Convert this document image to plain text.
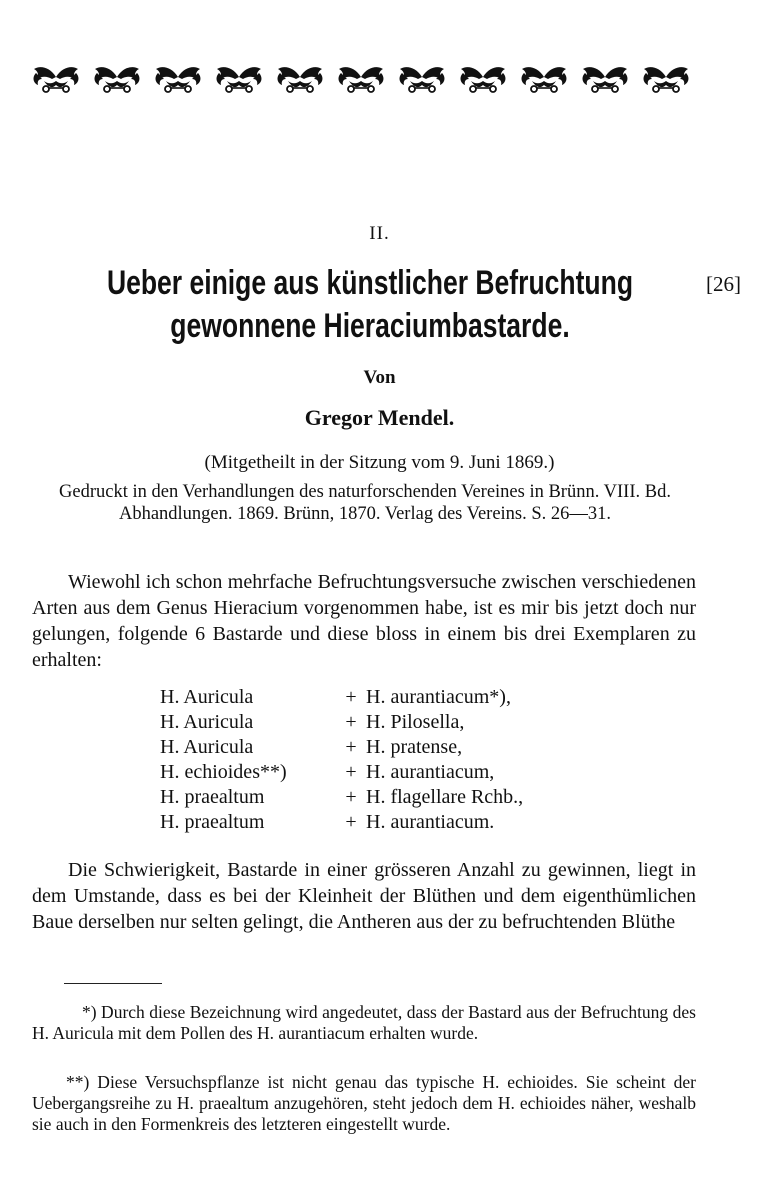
II.
Ueber einige aus künstlicher Befruchtung
gewonnene Hieraciumbastarde.
[26]
Von
Gregor Mendel.
(Mitgetheilt in der Sitzung vom 9. Juni 1869.)
Gedruckt in den Verhandlungen des naturforschenden Vereines in Brünn. VIII. Bd. Abhandlungen. 1869. Brünn, 1870. Verlag des Vereins. S. 26—31.
Wiewohl ich schon mehrfache Befruchtungsversuche zwischen verschiedenen Arten aus dem Genus Hieracium vorgenommen habe, ist es mir bis jetzt doch nur gelungen, folgende 6 Bastarde und diese bloss in einem bis drei Exemplaren zu erhalten:
H. Auricula	+ H. aurantiacum*),
H. Auricula	+ H. Pilosella,
H. Auricula	+ H. pratense,
H. echioides**)	+ H. aurantiacum,
H. praealtum	+ H. flagellare Rchb.,
H. praealtum	+ H. aurantiacum.
Die Schwierigkeit, Bastarde in einer grösseren Anzahl zu gewinnen, liegt in dem Umstande, dass es bei der Kleinheit der Blüthen und dem eigenthümlichen Baue derselben nur selten gelingt, die Antheren aus der zu befruchtenden Blüthe
*) Durch diese Bezeichnung wird angedeutet, dass der Bastard aus der Befruchtung des H. Auricula mit dem Pollen des H. aurantiacum erhalten wurde.
**) Diese Versuchspflanze ist nicht genau das typische H. echioides. Sie scheint der Uebergangsreihe zu H. praealtum anzugehören, steht jedoch dem H. echioides näher, weshalb sie auch in den Formenkreis des letzteren eingestellt wurde.
